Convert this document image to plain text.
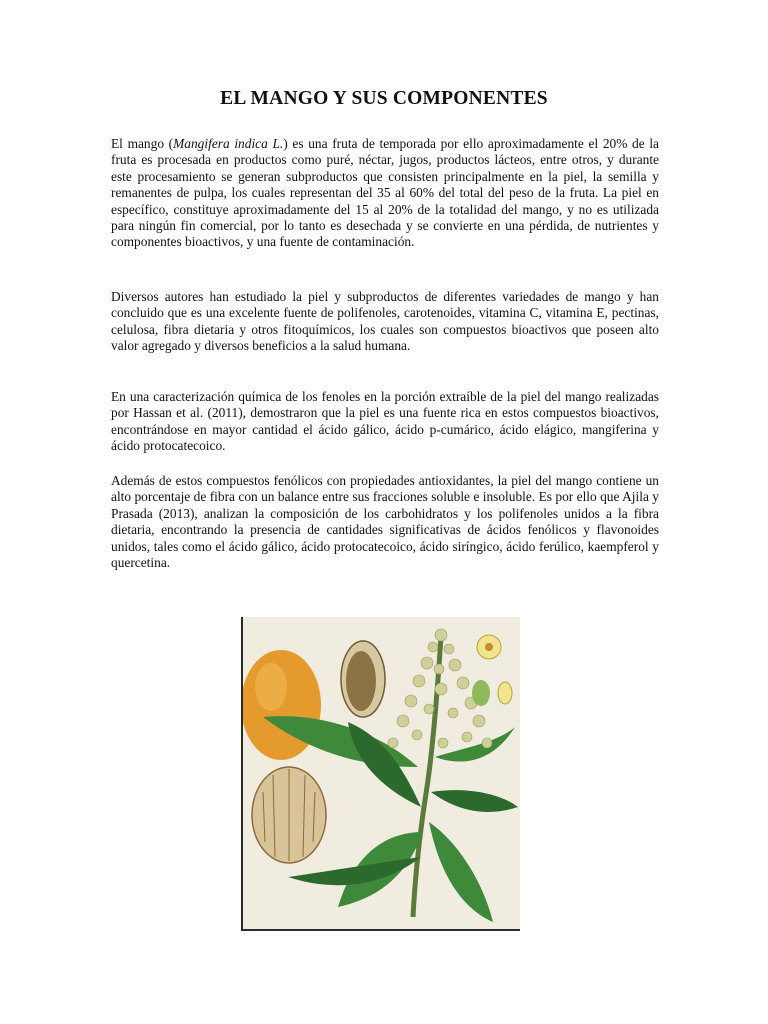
EL MANGO Y SUS COMPONENTES

El mango (Mangifera indica L.) es una fruta de temporada por ello aproximadamente el 20% de la fruta es procesada en productos como puré, néctar, jugos, productos lácteos, entre otros, y durante este procesamiento se generan subproductos que consisten principalmente en la piel, la semilla y remanentes de pulpa, los cuales representan del 35 al 60% del total del peso de la fruta. La piel en específico, constituye aproximadamente del 15 al 20% de la totalidad del mango, y no es utilizada para ningún fin comercial, por lo tanto es desechada y se convierte en una pérdida, de nutrientes y componentes bioactivos, y una fuente de contaminación.

Diversos autores han estudiado la piel y subproductos de diferentes variedades de mango y han concluido que es una excelente fuente de polifenoles, carotenoides, vitamina C, vitamina E, pectinas, celulosa, fibra dietaria y otros fitoquímicos, los cuales son compuestos bioactivos que poseen alto valor agregado y diversos beneficios a la salud humana.

En una caracterización química de los fenoles en la porción extraíble de la piel del mango realizadas por Hassan et al. (2011), demostraron que la piel es una fuente rica en estos compuestos bioactivos, encontrándose en mayor cantidad el ácido gálico, ácido p-cumárico, ácido elágico, mangiferina y ácido protocatecoico.

Además de estos compuestos fenólicos con propiedades antioxidantes, la piel del mango contiene un alto porcentaje de fibra con un balance entre sus fracciones soluble e insoluble. Es por ello que Ajila y Prasada (2013), analizan la composición de los carbohidratos y los polifenoles unidos a la fibra dietaria, encontrando la presencia de cantidades significativas de ácidos fenólicos y flavonoides unidos, tales como el ácido gálico, ácido protocatecoico, ácido siríngico, ácido ferúlico, kaempferol y quercetina.
